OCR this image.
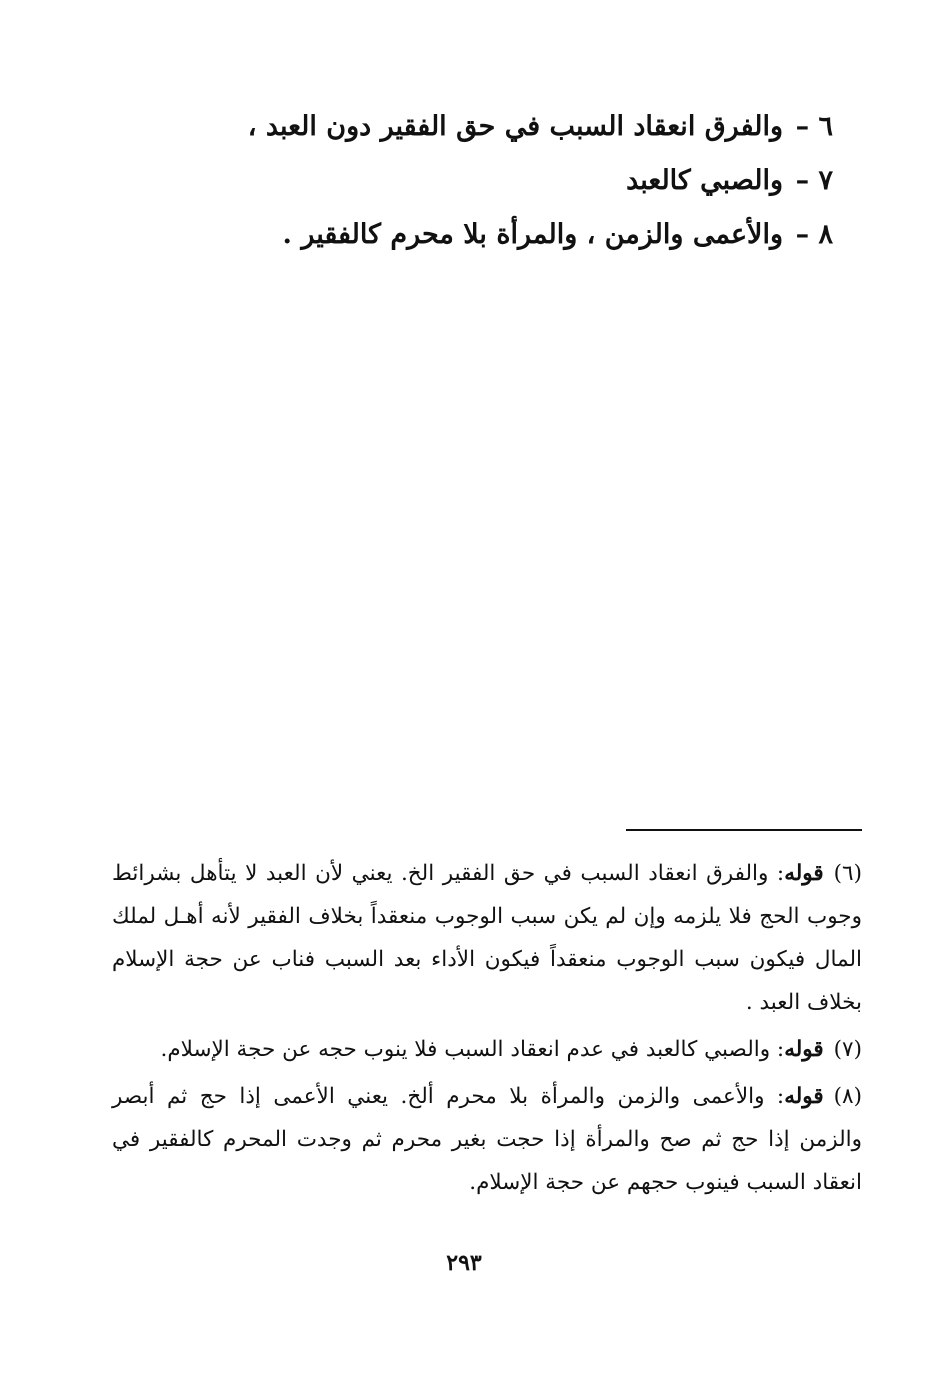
٦ –والفرق انعقاد السبب في حق الفقير دون العبد ،
٧ –والصبي كالعبد
٨ –والأعمى والزمن ، والمرأة بلا محرم كالفقير .

(٦)قوله: والفرق انعقاد السبب في حق الفقير الخ. يعني لأن العبد لا يتأهل بشرائط وجوب الحج فلا يلزمه وإن لم يكن سبب الوجوب منعقداً بخلاف الفقير لأنه أهـل لملك المال فيكون سبب الوجوب منعقداً فيكون الأداء بعد السبب فناب عن حجة الإسلام بخلاف العبد .

(٧)قوله: والصبي كالعبد في عدم انعقاد السبب فلا ينوب حجه عن حجة الإسلام.

(٨)قوله: والأعمى والزمن والمرأة بلا محرم ألخ. يعني الأعمى إذا حج ثم أبصر والزمن إذا حج ثم صح والمرأة إذا حجت بغير محرم ثم وجدت المحرم كالفقير في انعقاد السبب فينوب حجهم عن حجة الإسلام.

٢٩٣
